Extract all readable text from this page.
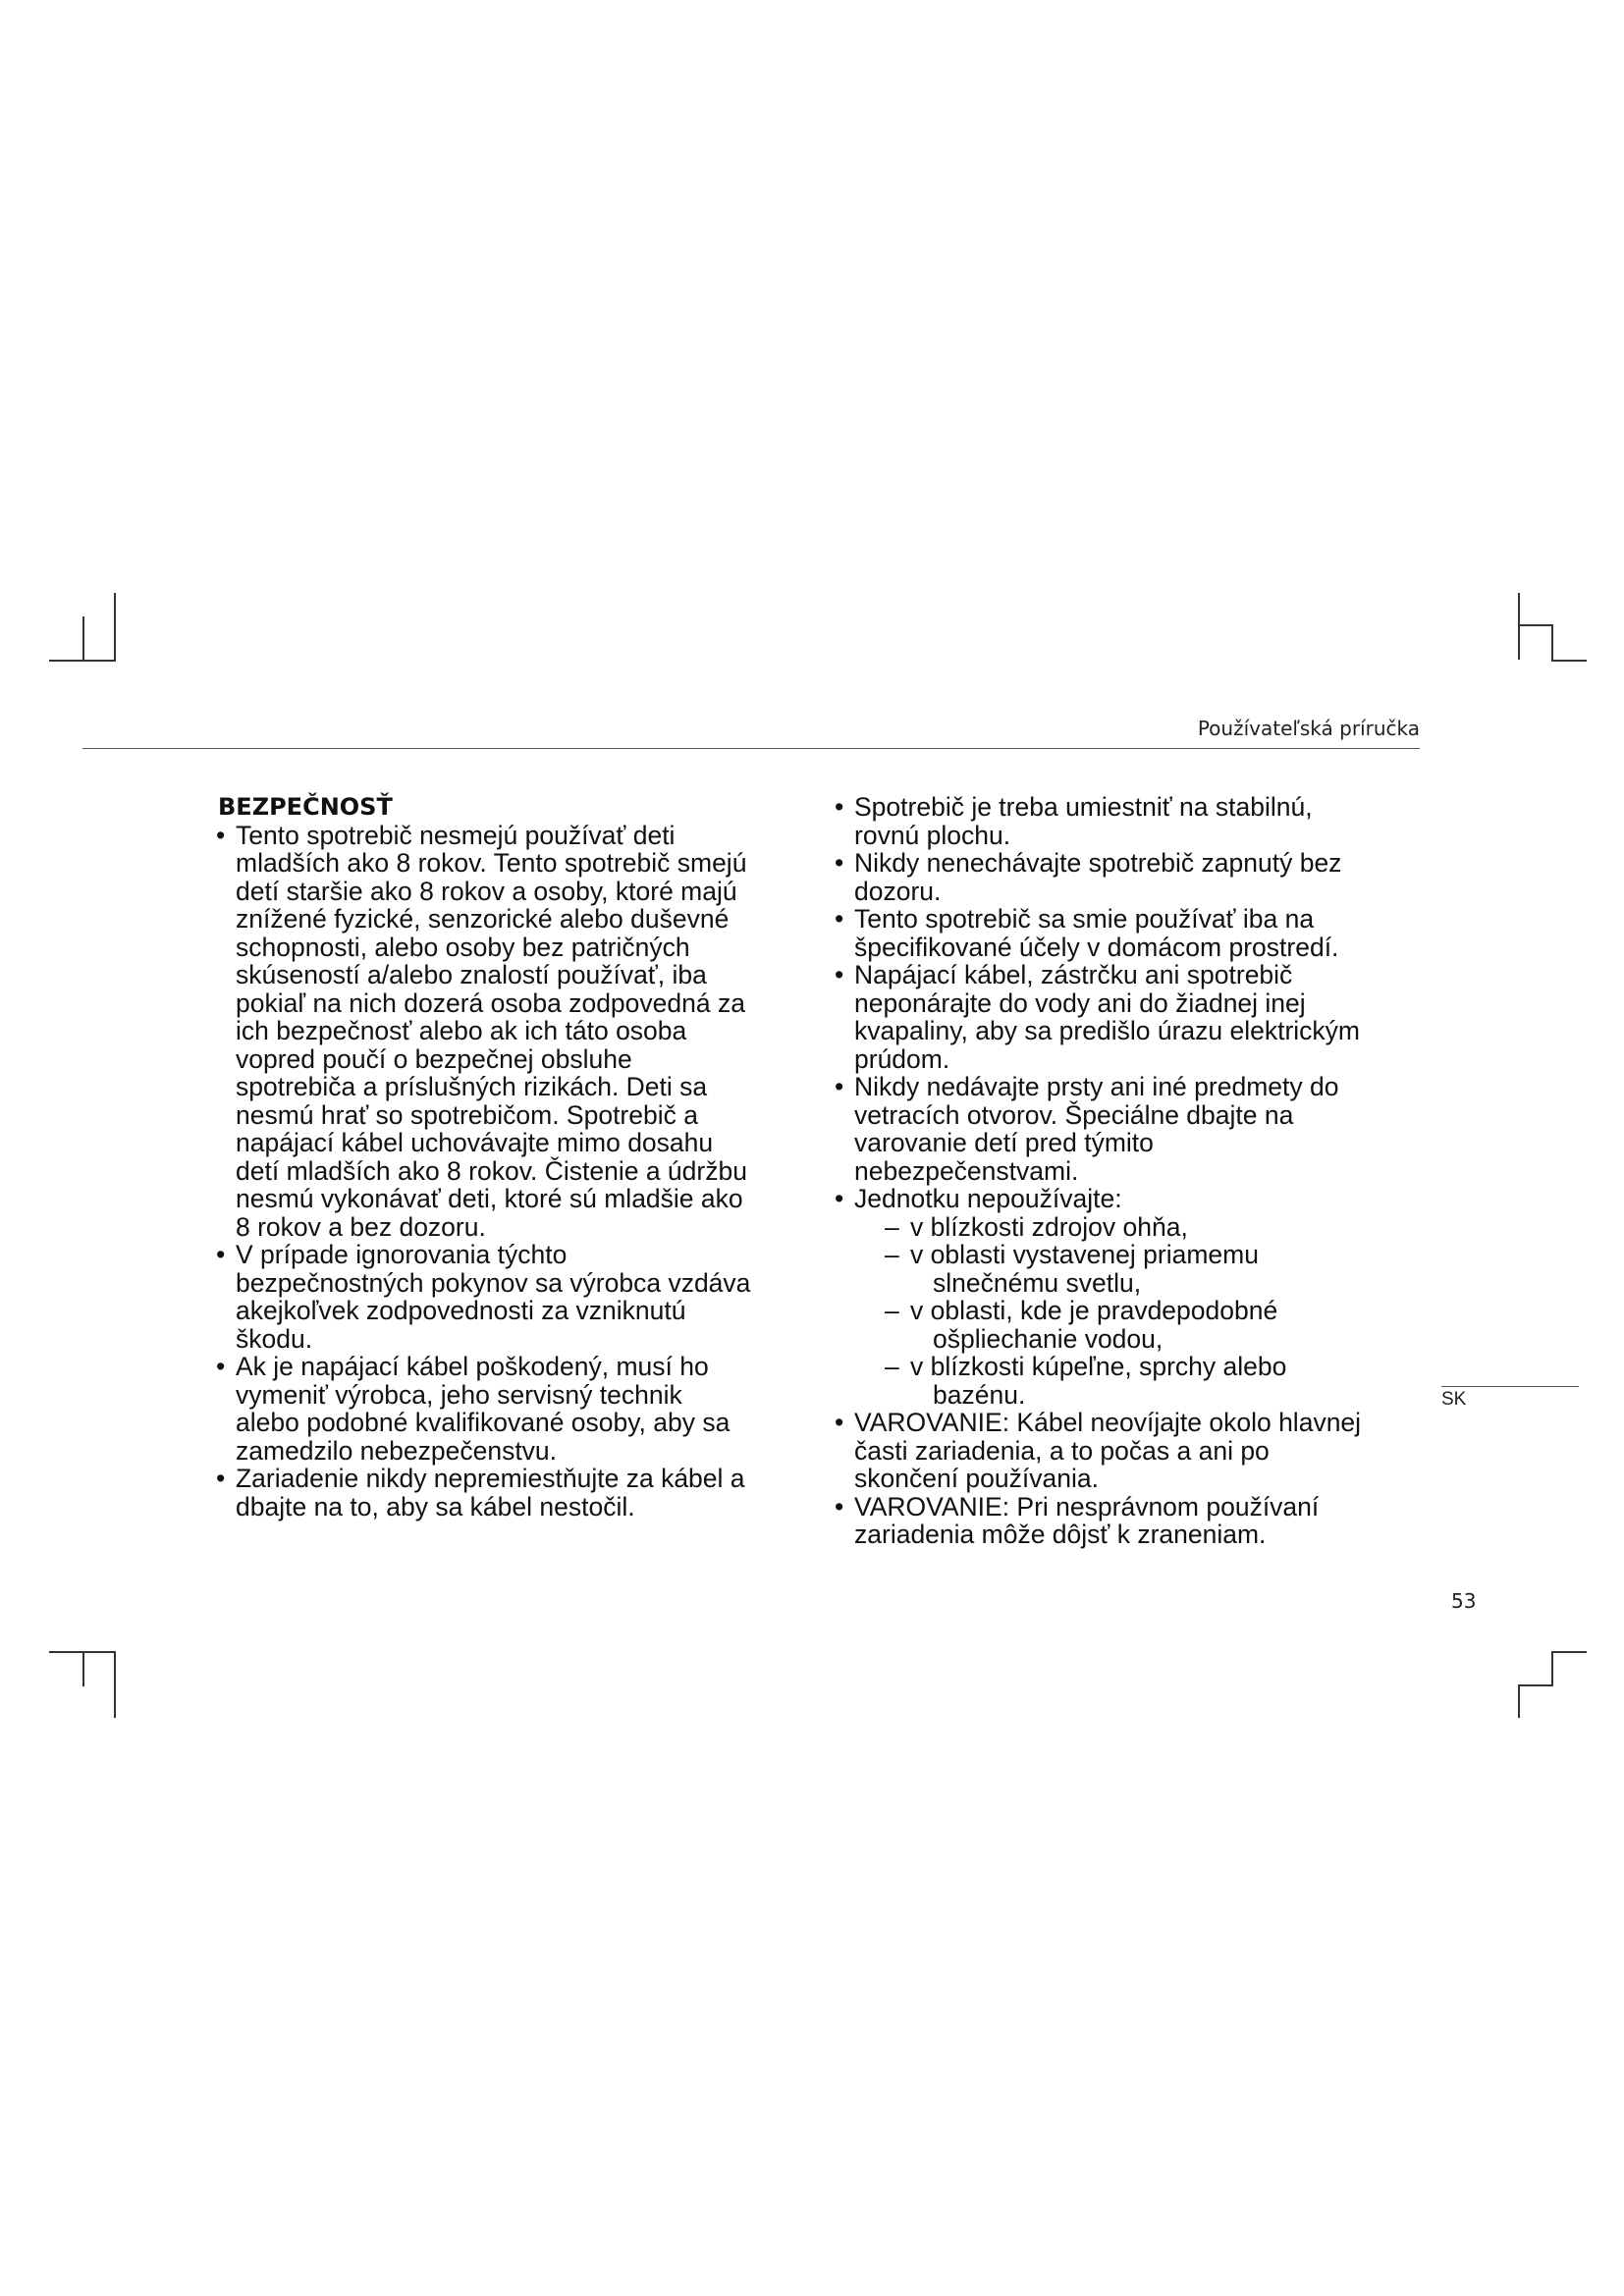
Používateľská príručka
BEZPEČNOSŤ
• Tento spotrebič nesmejú používať deti
mladších ako 8 rokov. Tento spotrebič smejú
detí staršie ako 8 rokov a osoby, ktoré majú
znížené fyzické, senzorické alebo duševné
schopnosti, alebo osoby bez patričných
skúseností a/alebo znalostí používať, iba
pokiaľ na nich dozerá osoba zodpovedná za
ich bezpečnosť alebo ak ich táto osoba
vopred poučí o bezpečnej obsluhe
spotrebiča a príslušných rizikách. Deti sa
nesmú hrať so spotrebičom. Spotrebič a
napájací kábel uchovávajte mimo dosahu
detí mladších ako 8 rokov. Čistenie a údržbu
nesmú vykonávať deti, ktoré sú mladšie ako
8 rokov a bez dozoru.
• V prípade ignorovania týchto
bezpečnostných pokynov sa výrobca vzdáva
akejkoľvek zodpovednosti za vzniknutú
škodu.
• Ak je napájací kábel poškodený, musí ho
vymeniť výrobca, jeho servisný technik
alebo podobné kvalifikované osoby, aby sa
zamedzilo nebezpečenstvu.
• Zariadenie nikdy nepremiestňujte za kábel a
dbajte na to, aby sa kábel nestočil.
• Spotrebič je treba umiestniť na stabilnú,
rovnú plochu.
• Nikdy nenechávajte spotrebič zapnutý bez
dozoru.
• Tento spotrebič sa smie používať iba na
špecifikované účely v domácom prostredí.
• Napájací kábel, zástrčku ani spotrebič
neponárajte do vody ani do žiadnej inej
kvapaliny, aby sa predišlo úrazu elektrickým
prúdom.
• Nikdy nedávajte prsty ani iné predmety do
vetracích otvorov. Špeciálne dbajte na
varovanie detí pred týmito
nebezpečenstvami.
• Jednotku nepoužívajte:
– v blízkosti zdrojov ohňa,
– v oblasti vystavenej priamemu
slnečnému svetlu,
– v oblasti, kde je pravdepodobné
ošpliechanie vodou,
– v blízkosti kúpeľne, sprchy alebo
bazénu.
• VAROVANIE: Kábel neovíjajte okolo hlavnej
časti zariadenia, a to počas a ani po
skončení používania.
• VAROVANIE: Pri nesprávnom používaní
zariadenia môže dôjsť k zraneniam.
SK
53
